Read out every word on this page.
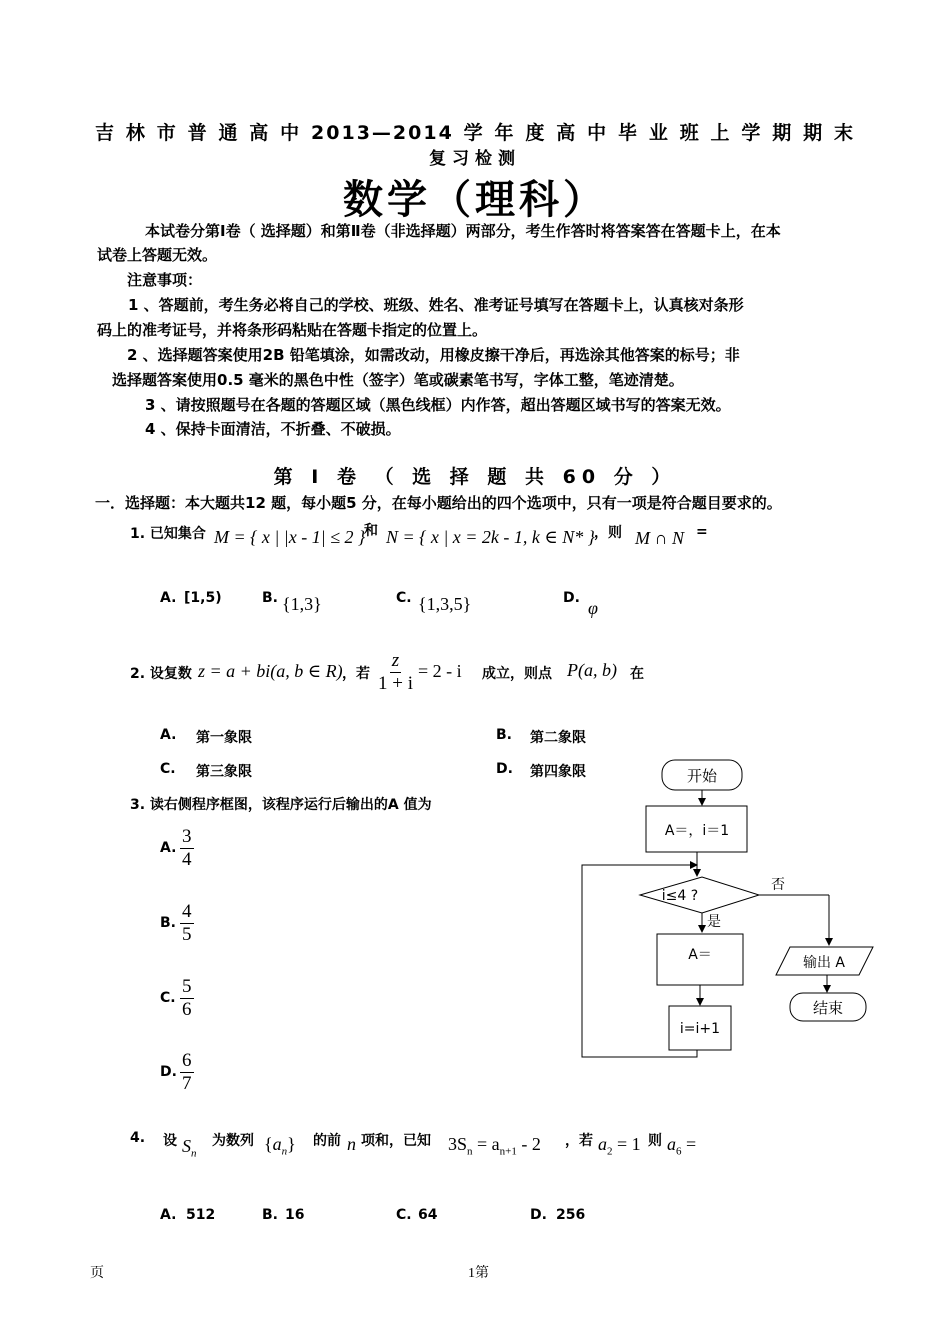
吉林市普通高中2013—2014学年度高中毕业班上学期期末
复习检测
数学（理科）
本试卷分第Ⅰ卷（ 选择题）和第Ⅱ卷（非选择题）两部分，考生作答时将答案答在答题卡上，在本
试卷上答题无效。
注意事项：
1 、答题前，考生务必将自己的学校、班级、姓名、准考证号填写在答题卡上，认真核对条形
码上的准考证号，并将条形码粘贴在答题卡指定的位置上。
2 、选择题答案使用2B 铅笔填涂，如需改动，用橡皮擦干净后，再选涂其他答案的标号；非
选择题答案使用0.5 毫米的黑色中性（签字）笔或碳素笔书写，字体工整，笔迹清楚。
3 、请按照题号在各题的答题区域（黑色线框）内作答，超出答题区域书写的答案无效。
4 、保持卡面清洁，不折叠、不破损。
第 Ⅰ 卷 （ 选 择 题 共 60 分 ）
一．选择题：本大题共12 题，每小题5 分，在每小题给出的四个选项中，只有一项是符合题目要求的。
1. 已知集合 M = { x | |x - 1| ≤ 2 }
和 N = { x | x = 2k - 1, k ∈ N* } ，则 M ∩ N =
A. [1,5)	B. {1,3}	C. {1,3,5}	D. φ
2. 设复数 z = a + bi(a, b ∈ R) ，若 $\frac{z}{1 + i} = 2 - i$ 成立，则点 P(a, b) 在
A. 第一象限	B. 第二象限
C. 第三象限	D. 第四象限
3. 读右侧程序框图，该程序运行后输出的A 值为
A. $\frac{3}{4}$
B. $\frac{4}{5}$
C. $\frac{5}{6}$
D. $\frac{6}{7}$
开始
A＝，i＝1
i≤4 ?
否
是
A＝
i=i+1
输出 A
结束
4. 设 $S_n$
为数列 $\{a_n\}$ 的前 n 项和，已知 $3S_n = a_{n+1} - 2$ ，若 $a_2 = 1$ 则 $a_6$ =
A. 512	B. 16	C. 64	D. 256
页	1第
